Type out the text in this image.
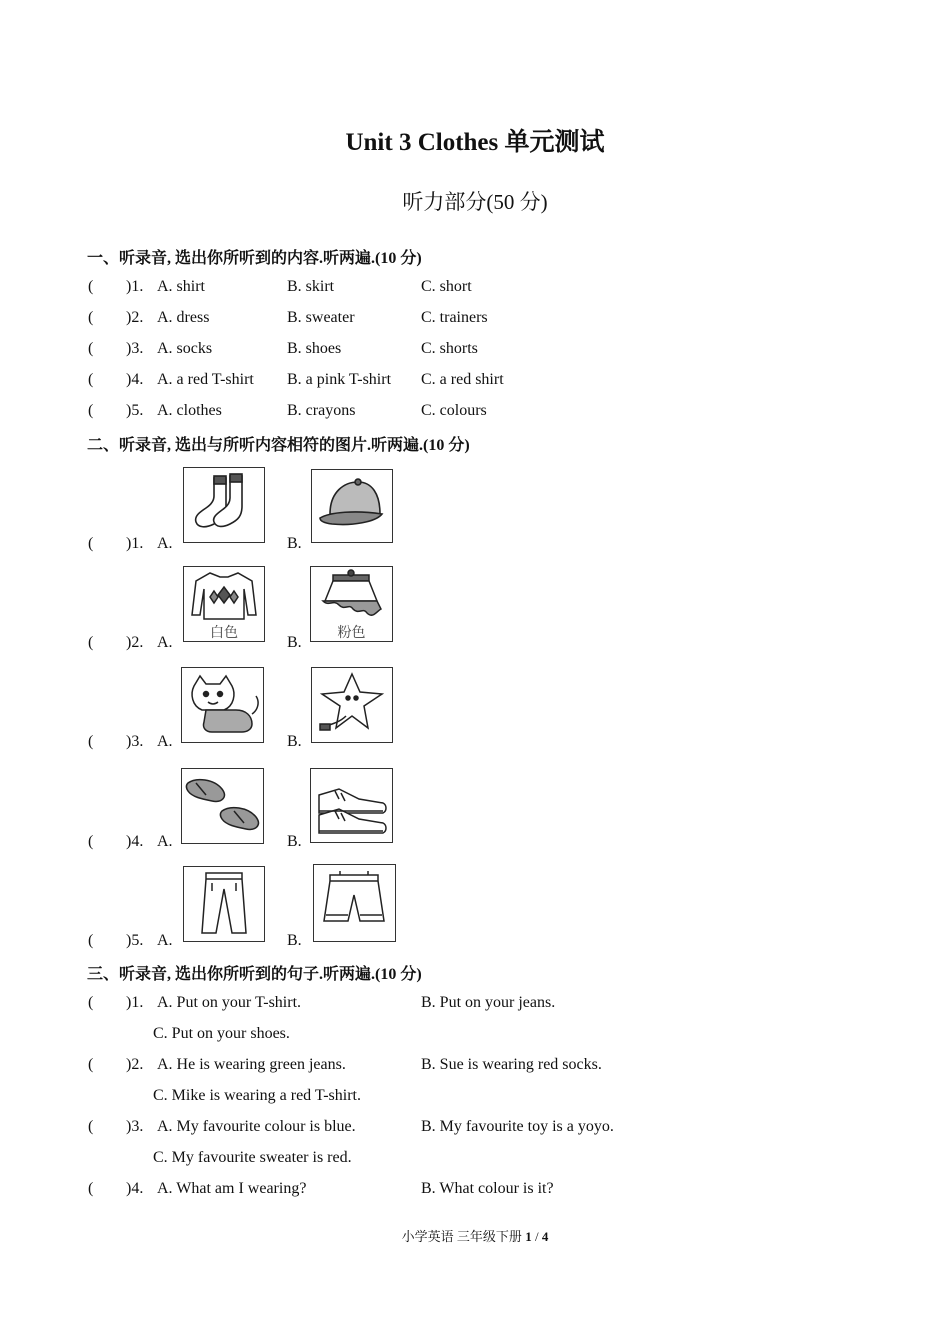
Unit 3 Clothes 单元测试
听力部分(50 分)
一、听录音, 选出你所听到的内容.听两遍.(10 分)
( )1. A. shirt	B. skirt	C. short
( )2. A. dress	B. sweater	C. trainers
( )3. A. socks	B. shoes	C. shorts
( )4. A. a red T-shirt B. a pink T-shirt C. a red shirt
( )5. A. clothes	B. crayons	C. colours
二、听录音, 选出与所听内容相符的图片.听两遍.(10 分)
( )1. A.	B.
白色	粉色
( )2. A.	B.
( )3. A.	B.
( )4. A.	B.
( )5. A.	B.
三、听录音, 选出你所听到的句子.听两遍.(10 分)
( )1. A. Put on your T-shirt.	B. Put on your jeans.
C. Put on your shoes.
( )2. A. He is wearing green jeans.	B. Sue is wearing red socks.
C. Mike is wearing a red T-shirt.
( )3. A. My favourite colour is blue.	B. My favourite toy is a yoyo.
C. My favourite sweater is red.
( )4. A. What am I wearing?	B. What colour is it?
小学英语 三年级下册 1 / 4
